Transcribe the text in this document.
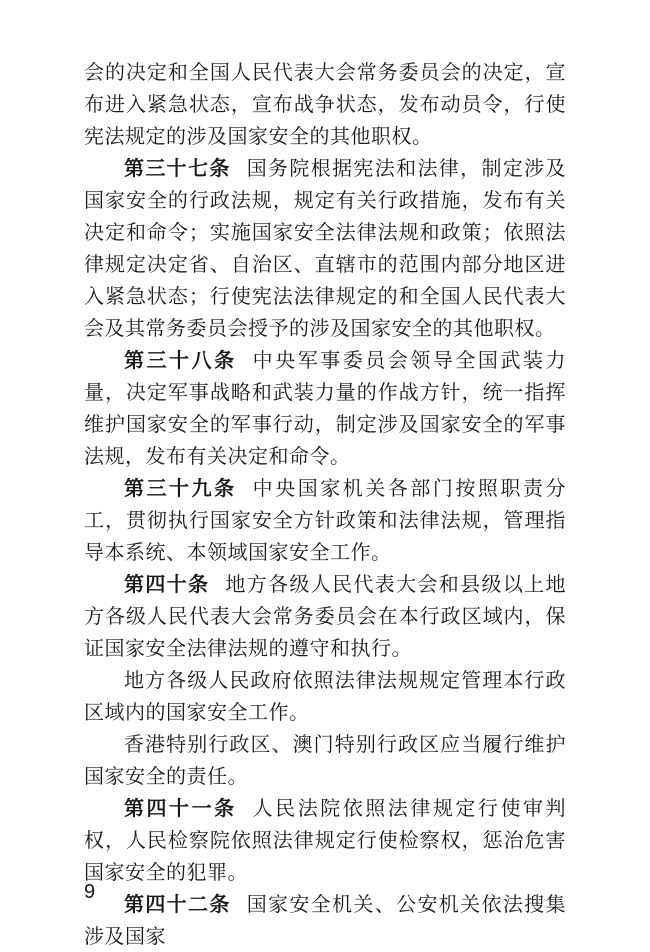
会的决定和全国人民代表大会常务委员会的决定，宣布进入紧急状态，宣布战争状态，发布动员令，行使宪法规定的涉及国家安全的其他职权。

第三十七条 国务院根据宪法和法律，制定涉及国家安全的行政法规，规定有关行政措施，发布有关决定和命令；实施国家安全法律法规和政策；依照法律规定决定省、自治区、直辖市的范围内部分地区进入紧急状态；行使宪法法律规定的和全国人民代表大会及其常务委员会授予的涉及国家安全的其他职权。

第三十八条 中央军事委员会领导全国武装力量，决定军事战略和武装力量的作战方针，统一指挥维护国家安全的军事行动，制定涉及国家安全的军事法规，发布有关决定和命令。

第三十九条 中央国家机关各部门按照职责分工，贯彻执行国家安全方针政策和法律法规，管理指导本系统、本领域国家安全工作。

第四十条 地方各级人民代表大会和县级以上地方各级人民代表大会常务委员会在本行政区域内，保证国家安全法律法规的遵守和执行。

地方各级人民政府依照法律法规规定管理本行政区域内的国家安全工作。

香港特别行政区、澳门特别行政区应当履行维护国家安全的责任。

第四十一条 人民法院依照法律规定行使审判权，人民检察院依照法律规定行使检察权，惩治危害国家安全的犯罪。

第四十二条 国家安全机关、公安机关依法搜集涉及国家

9
